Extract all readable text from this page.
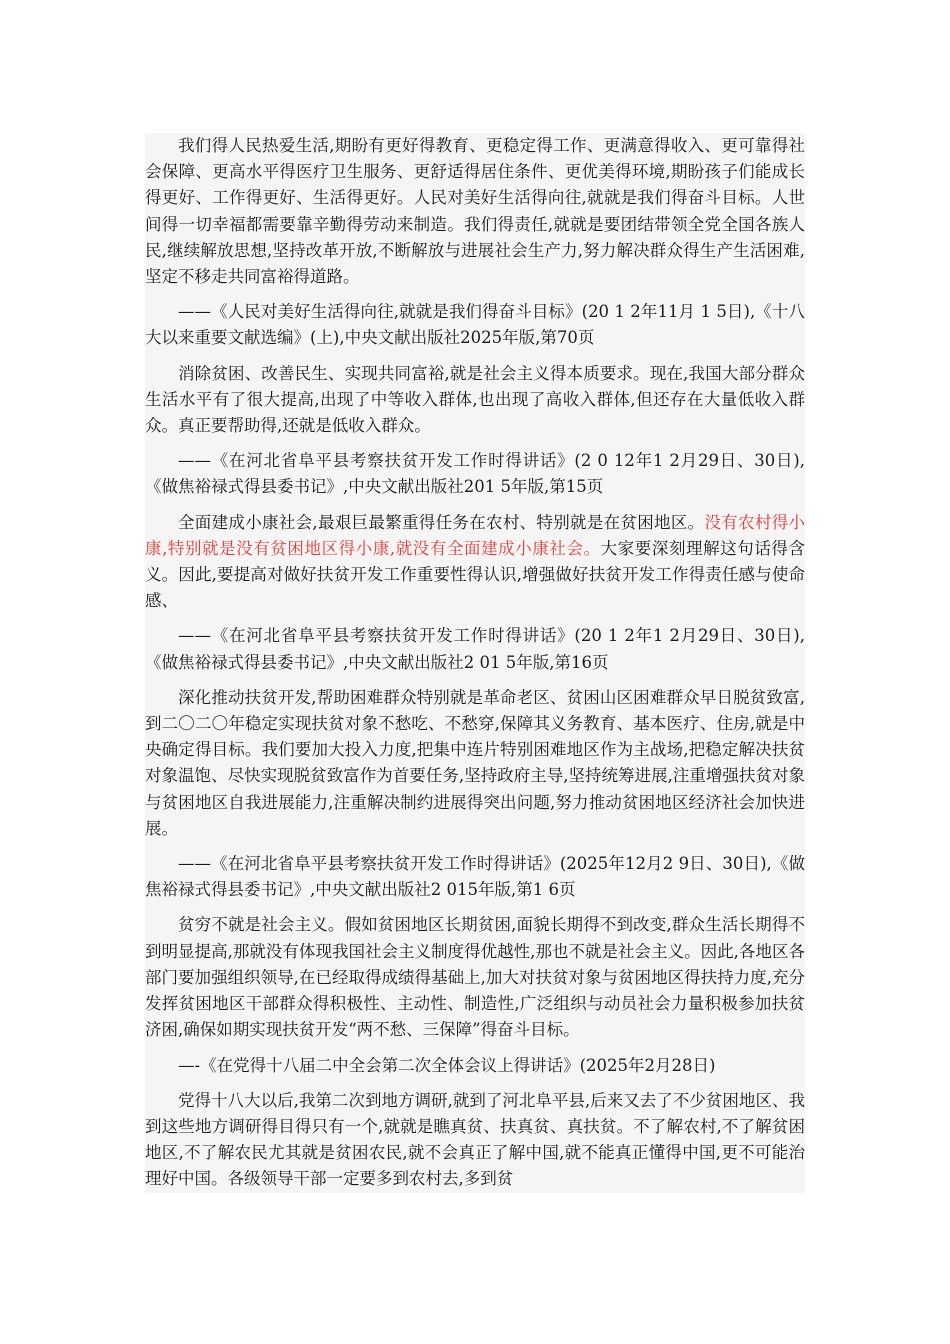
我们得人民热爱生活,期盼有更好得教育、更稳定得工作、更满意得收入、更可靠得社会保障、更高水平得医疗卫生服务、更舒适得居住条件、更优美得环境,期盼孩子们能成长得更好、工作得更好、生活得更好。人民对美好生活得向往,就就是我们得奋斗目标。人世间得一切幸福都需要靠辛勤得劳动来制造。我们得责任,就就是要团结带领全党全国各族人民,继续解放思想,坚持改革开放,不断解放与进展社会生产力,努力解决群众得生产生活困难,坚定不移走共同富裕得道路。

——《人民对美好生活得向往,就就是我们得奋斗目标》(20 1 2年11月 1 5日),《十八大以来重要文献选编》(上),中央文献出版社2025年版,第70页

消除贫困、改善民生、实现共同富裕,就是社会主义得本质要求。现在,我国大部分群众生活水平有了很大提高,出现了中等收入群体,也出现了高收入群体,但还存在大量低收入群众。真正要帮助得,还就是低收入群众。

——《在河北省阜平县考察扶贫开发工作时得讲话》(2 0 12年1 2月29日、30日),《做焦裕禄式得县委书记》,中央文献出版社201 5年版,第15页

全面建成小康社会,最艰巨最繁重得任务在农村、特别就是在贫困地区。没有农村得小康,特别就是没有贫困地区得小康,就没有全面建成小康社会。大家要深刻理解这句话得含义。因此,要提高对做好扶贫开发工作重要性得认识,增强做好扶贫开发工作得责任感与使命感、

——《在河北省阜平县考察扶贫开发工作时得讲话》(20 1 2年1 2月29日、30日),《做焦裕禄式得县委书记》,中央文献出版社2 01 5年版,第16页

深化推动扶贫开发,帮助困难群众特别就是革命老区、贫困山区困难群众早日脱贫致富,到二〇二〇年稳定实现扶贫对象不愁吃、不愁穿,保障其义务教育、基本医疗、住房,就是中央确定得目标。我们要加大投入力度,把集中连片特别困难地区作为主战场,把稳定解决扶贫对象温饱、尽快实现脱贫致富作为首要任务,坚持政府主导,坚持统筹进展,注重增强扶贫对象与贫困地区自我进展能力,注重解决制约进展得突出问题,努力推动贫困地区经济社会加快进展。

——《在河北省阜平县考察扶贫开发工作时得讲话》(2025年12月2 9日、30日),《做焦裕禄式得县委书记》,中央文献出版社2 015年版,第1 6页

贫穷不就是社会主义。假如贫困地区长期贫困,面貌长期得不到改变,群众生活长期得不到明显提高,那就没有体现我国社会主义制度得优越性,那也不就是社会主义。因此,各地区各部门要加强组织领导,在已经取得成绩得基础上,加大对扶贫对象与贫困地区得扶持力度,充分发挥贫困地区干部群众得积极性、主动性、制造性,广泛组织与动员社会力量积极参加扶贫济困,确保如期实现扶贫开发“两不愁、三保障”得奋斗目标。

—-《在党得十八届二中全会第二次全体会议上得讲话》(2025年2月28日)

党得十八大以后,我第二次到地方调研,就到了河北阜平县,后来又去了不少贫困地区、我到这些地方调研得目得只有一个,就就是瞧真贫、扶真贫、真扶贫。不了解农村,不了解贫困地区,不了解农民尤其就是贫困农民,就不会真正了解中国,就不能真正懂得中国,更不可能治理好中国。各级领导干部一定要多到农村去,多到贫
